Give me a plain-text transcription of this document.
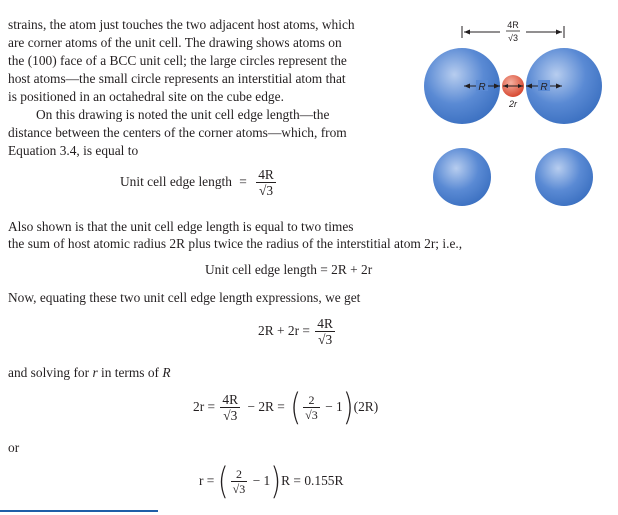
strains, the atom just touches the two adjacent host atoms, which
are corner atoms of the unit cell. The drawing shows atoms on
the (100) face of a BCC unit cell; the large circles represent the
host atoms—the small circle represents an interstitial atom that
is positioned in an octahedral site on the cube edge.
On this drawing is noted the unit cell edge length—the
distance between the centers of the corner atoms—which, from
Equation 3.4, is equal to
Unit cell edge length = $\frac{4R}{√3}$
Also shown is that the unit cell edge length is equal to two times
the sum of host atomic radius 2R plus twice the radius of the interstitial atom 2r; i.e.,
Unit cell edge length = 2R + 2r
Now, equating these two unit cell edge length expressions, we get
$2R + 2r = \frac{4R}{√3}$
and solving for r in terms of R
$2r = \frac{4R}{√3} - 2R$ = ( $\frac{2}{√3} - 1)(2R)$
or
r = ( $\frac{2}{√3} - 1)R = 0.155R$
4R
√3
R	R
2r
